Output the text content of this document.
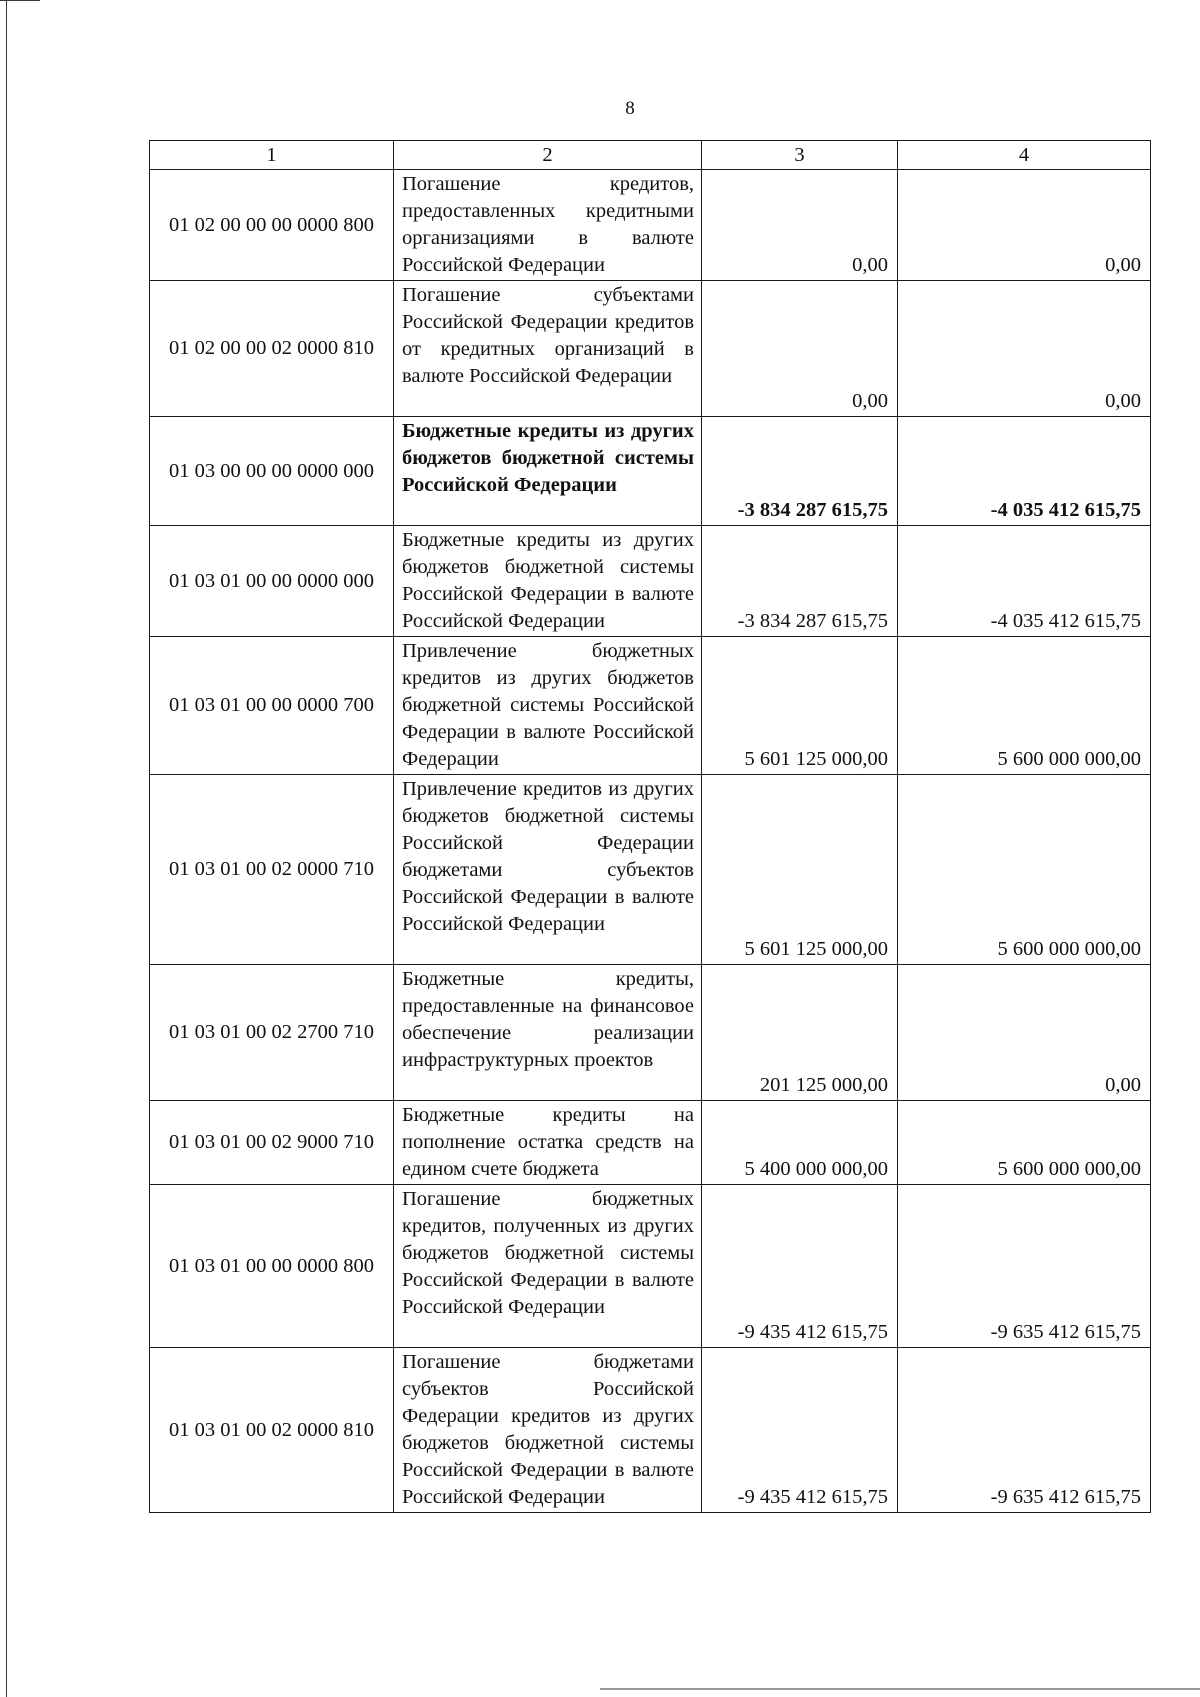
8
1	2	3	4
01 02 00 00 00 0000 800	Погашение кредитов, предоставленных кредитными организациями в валюте Российской Федерации	0,00	0,00
01 02 00 00 02 0000 810	Погашение субъектами Российской Федерации кредитов от кредитных организаций в валюте Российской Федерации	0,00	0,00
01 03 00 00 00 0000 000	Бюджетные кредиты из других бюджетов бюджетной системы Российской Федерации	-3 834 287 615,75	-4 035 412 615,75
01 03 01 00 00 0000 000	Бюджетные кредиты из других бюджетов бюджетной системы Российской Федерации в валюте Российской Федерации	-3 834 287 615,75	-4 035 412 615,75
01 03 01 00 00 0000 700	Привлечение бюджетных кредитов из других бюджетов бюджетной системы Российской Федерации в валюте Российской Федерации	5 601 125 000,00	5 600 000 000,00
01 03 01 00 02 0000 710	Привлечение кредитов из других бюджетов бюджетной системы Российской Федерации бюджетами субъектов Российской Федерации в валюте Российской Федерации	5 601 125 000,00	5 600 000 000,00
01 03 01 00 02 2700 710	Бюджетные кредиты, предоставленные на финансовое обеспечение реализации инфраструктурных проектов	201 125 000,00	0,00
01 03 01 00 02 9000 710	Бюджетные кредиты на пополнение остатка средств на едином счете бюджета	5 400 000 000,00	5 600 000 000,00
01 03 01 00 00 0000 800	Погашение бюджетных кредитов, полученных из других бюджетов бюджетной системы Российской Федерации в валюте Российской Федерации	-9 435 412 615,75	-9 635 412 615,75
01 03 01 00 02 0000 810	Погашение бюджетами субъектов Российской Федерации кредитов из других бюджетов бюджетной системы Российской Федерации в валюте Российской Федерации	-9 435 412 615,75	-9 635 412 615,75
